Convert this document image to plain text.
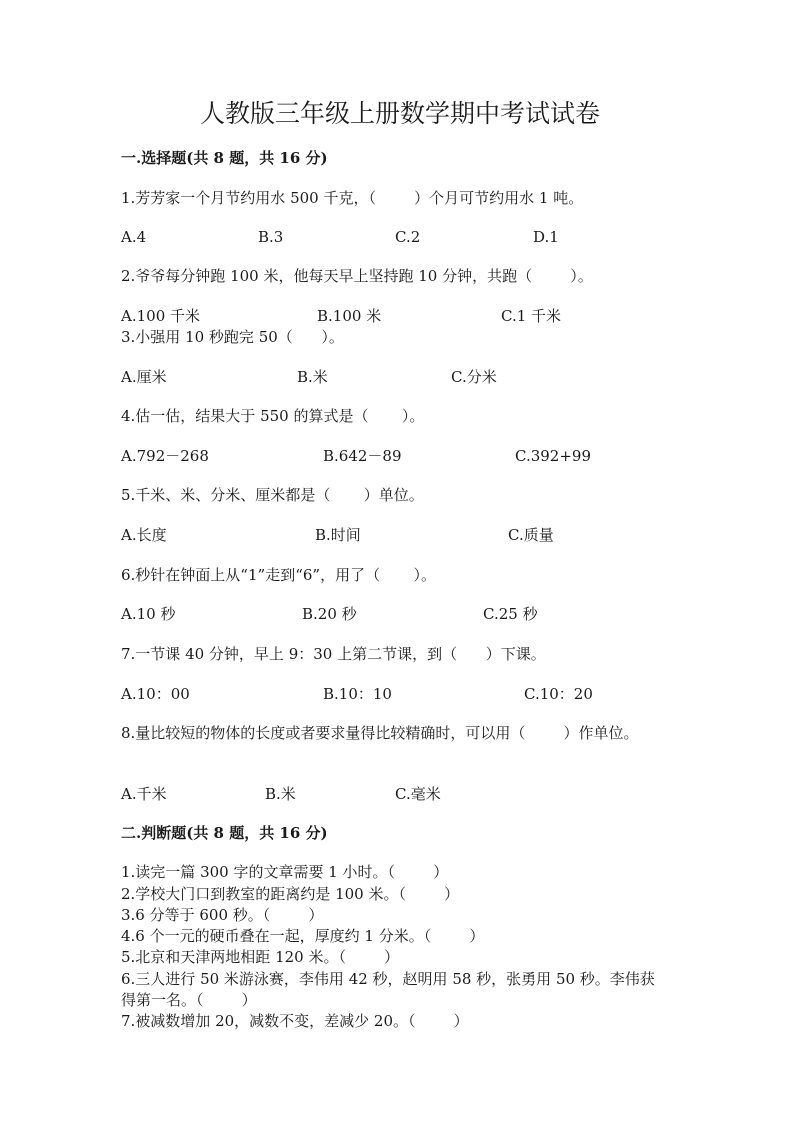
人教版三年级上册数学期中考试试卷
一.选择题(共 8 题，共 16 分)
1.芳芳家一个月节约用水 500 千克，（        ）个月可节约用水 1 吨。
A.4	B.3	C.2	D.1
2.爷爷每分钟跑 100 米，他每天早上坚持跑 10 分钟，共跑（        ）。
A.100 千米	B.100 米	C.1 千米
3.小强用 10 秒跑完 50（      ）。
A.厘米	B.米	C.分米
4.估一估，结果大于 550 的算式是（       ）。
A.792－268	B.642－89	C.392+99
5.千米、米、分米、厘米都是（       ）单位。
A.长度	B.时间	C.质量
6.秒针在钟面上从“1”走到“6”，用了（       ）。
A.10 秒	B.20 秒	C.25 秒
7.一节课 40 分钟，早上 9：30 上第二节课，到（      ）下课。
A.10：00	B.10：10	C.10：20
8.量比较短的物体的长度或者要求量得比较精确时，可以用（        ）作单位。
A.千米	B.米	C.毫米
二.判断题(共 8 题，共 16 分)
1.读完一篇 300 字的文章需要 1 小时。（        ）
2.学校大门口到教室的距离约是 100 米。（        ）
3.6 分等于 600 秒。（        ）
4.6 个一元的硬币叠在一起，厚度约 1 分米。（        ）
5.北京和天津两地相距 120 米。（        ）
6.三人进行 50 米游泳赛，李伟用 42 秒，赵明用 58 秒，张勇用 50 秒。李伟获
得第一名。（        ）
7.被减数增加 20，减数不变，差减少 20。（        ）
